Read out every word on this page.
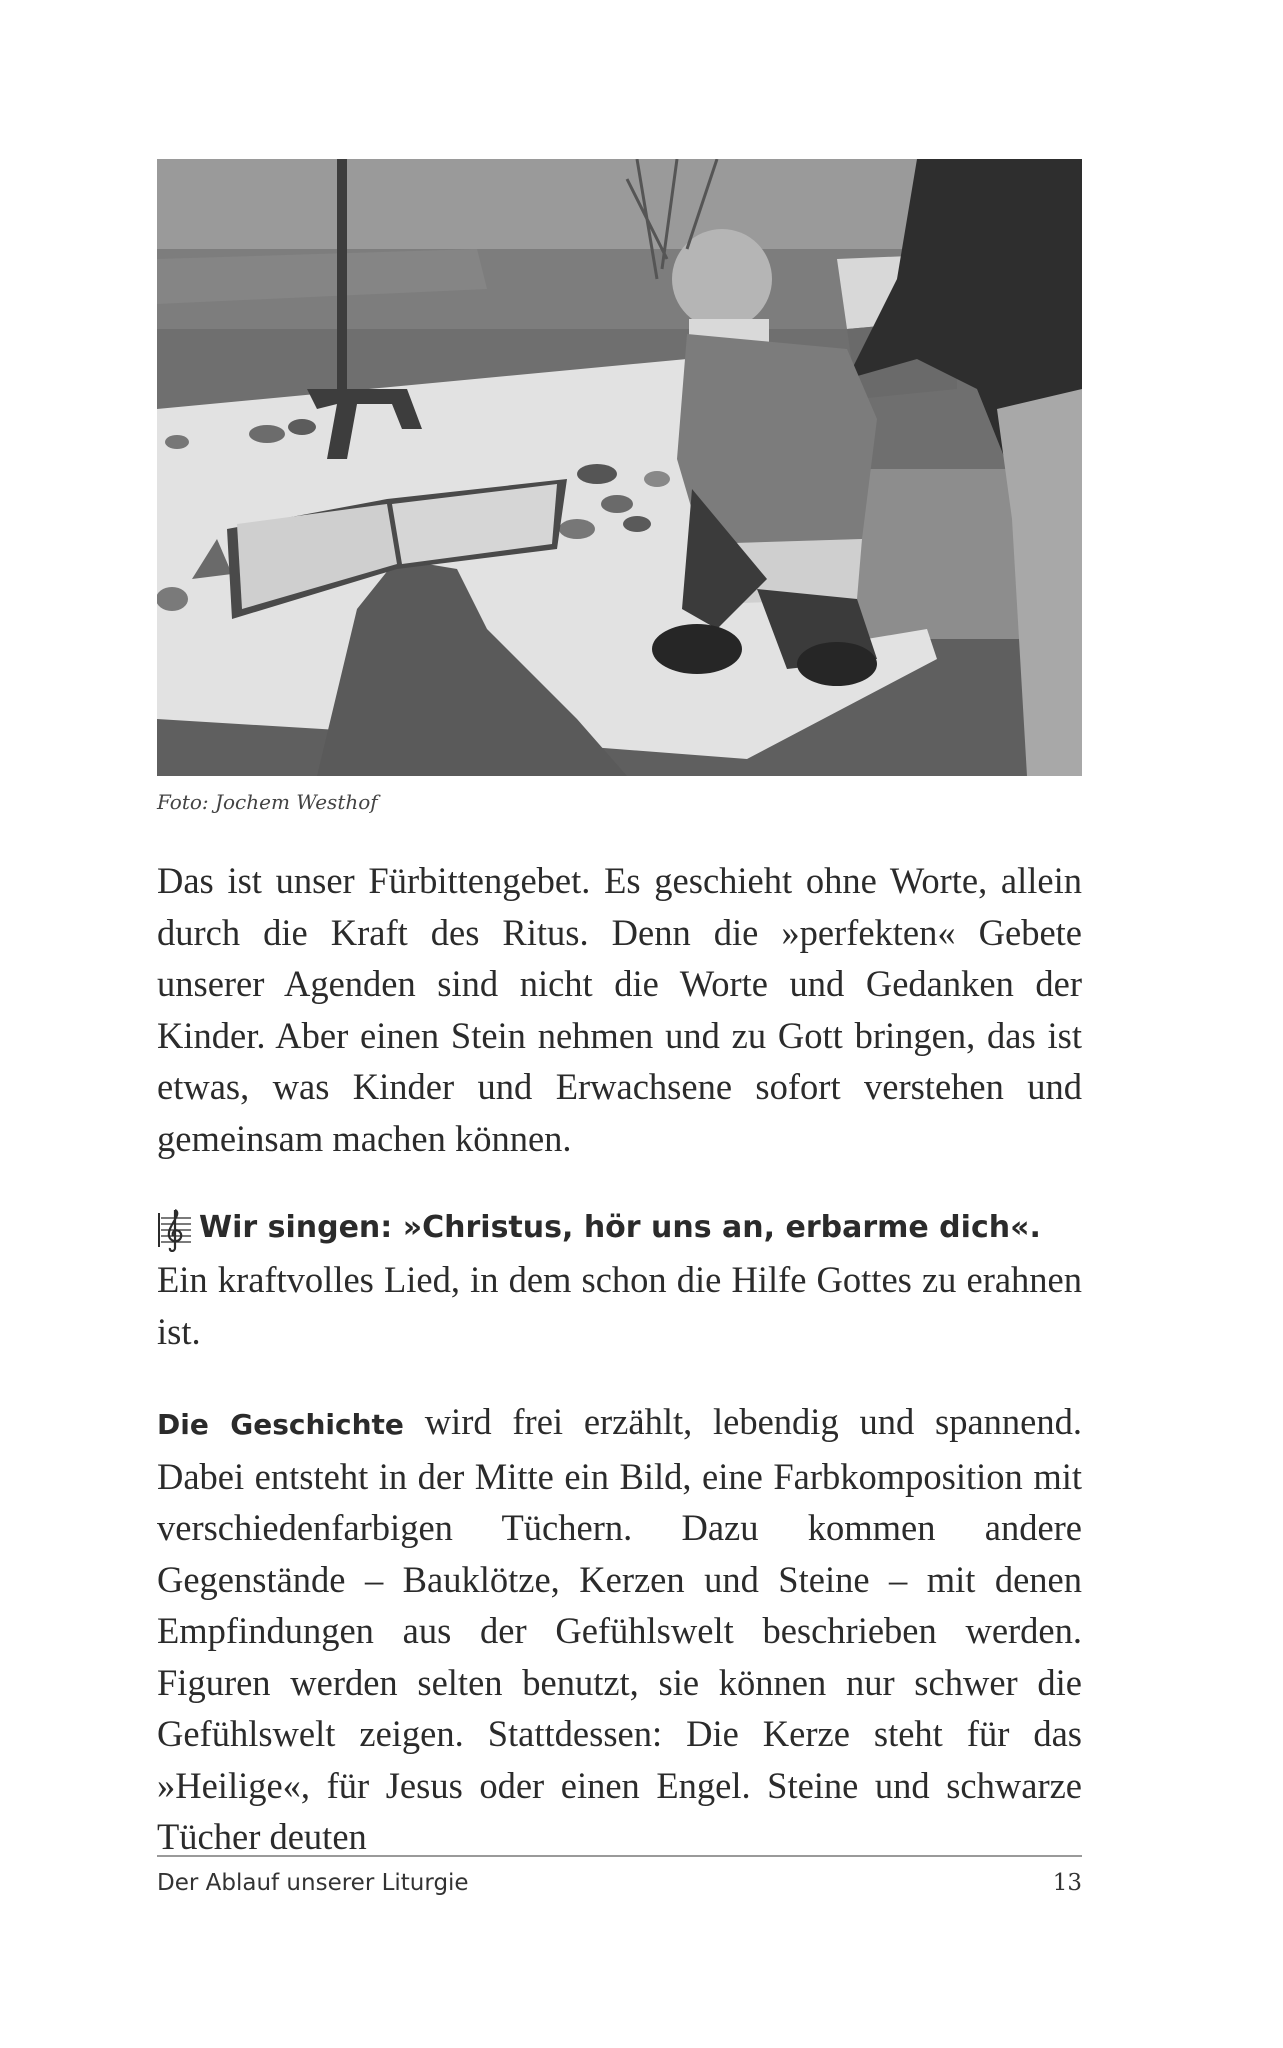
Foto: Jochem Westhof
Das ist unser Fürbittengebet. Es geschieht ohne Worte, allein durch die Kraft des Ritus. Denn die »perfekten« Gebete unserer Agenden sind nicht die Worte und Gedanken der Kinder. Aber einen Stein nehmen und zu Gott bringen, das ist etwas, was Kinder und Erwachsene sofort verstehen und gemeinsam machen können.
Wir singen: »Christus, hör uns an, erbarme dich«.
Ein kraftvolles Lied, in dem schon die Hilfe Gottes zu erahnen ist.
Die Geschichte wird frei erzählt, lebendig und spannend. Dabei entsteht in der Mitte ein Bild, eine Farbkomposition mit verschiedenfarbigen Tüchern. Dazu kommen andere Gegenstände – Bauklötze, Kerzen und Steine – mit denen Empfindungen aus der Gefühlswelt beschrieben werden. Figuren werden selten benutzt, sie können nur schwer die Gefühlswelt zeigen. Stattdessen: Die Kerze steht für das »Heilige«, für Jesus oder einen Engel. Steine und schwarze Tücher deuten
Der Ablauf unserer Liturgie	13
